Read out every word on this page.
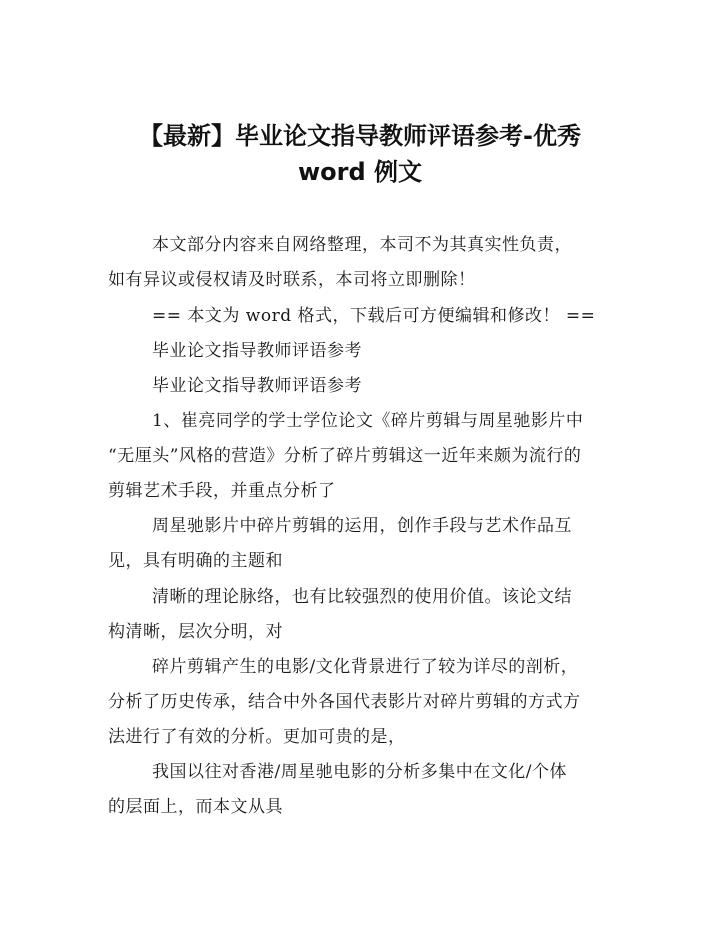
【最新】毕业论文指导教师评语参考-优秀
word 例文
本文部分内容来自网络整理，本司不为其真实性负责，
如有异议或侵权请及时联系，本司将立即删除！
== 本文为 word 格式，下载后可方便编辑和修改！ ==
毕业论文指导教师评语参考
毕业论文指导教师评语参考
1、崔亮同学的学士学位论文《碎片剪辑与周星驰影片中
“无厘头”风格的营造》分析了碎片剪辑这一近年来颇为流行的
剪辑艺术手段，并重点分析了
周星驰影片中碎片剪辑的运用，创作手段与艺术作品互
见，具有明确的主题和
清晰的理论脉络，也有比较强烈的使用价值。该论文结
构清晰，层次分明，对
碎片剪辑产生的电影/文化背景进行了较为详尽的剖析，
分析了历史传承，结合中外各国代表影片对碎片剪辑的方式方
法进行了有效的分析。更加可贵的是，
我国以往对香港/周星驰电影的分析多集中在文化/个体
的层面上，而本文从具
